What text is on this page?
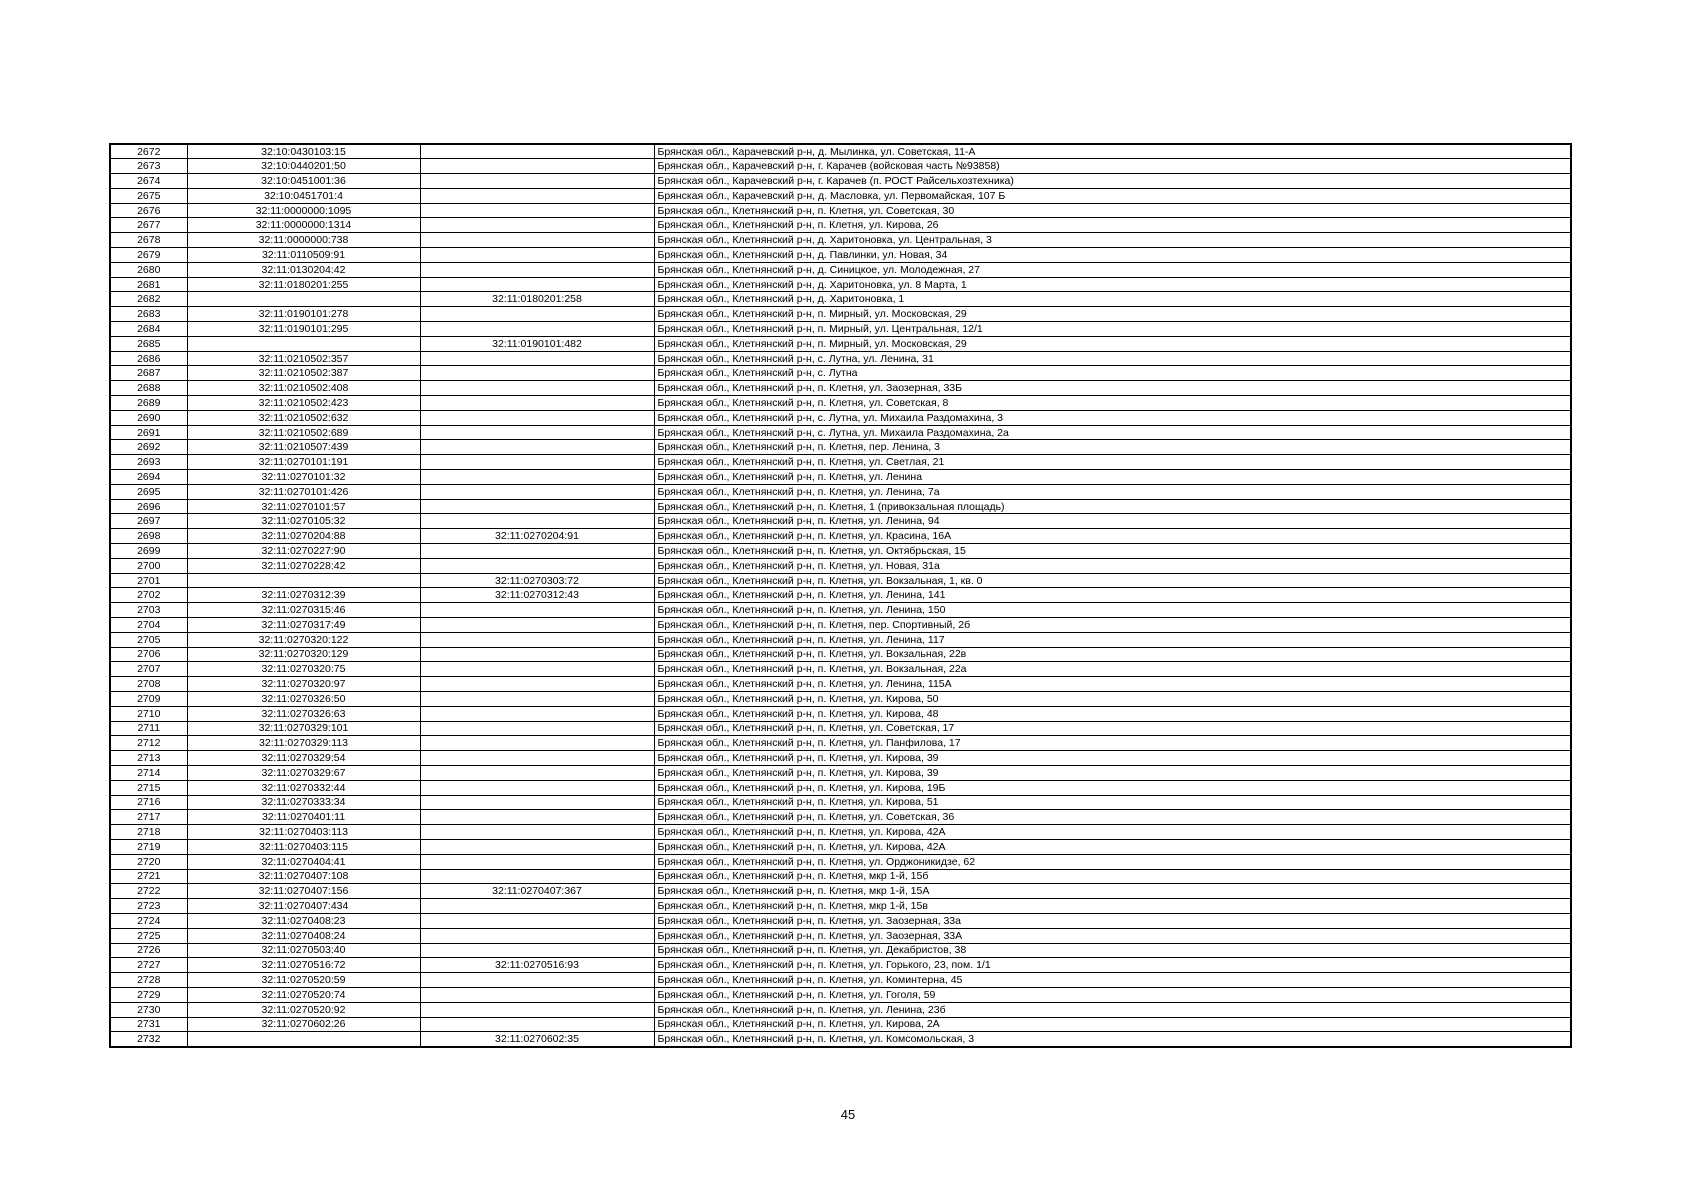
2672	32:10:0430103:15		Брянская обл., Карачевский р-н, д. Мылинка, ул. Советская, 11-А
2673	32:10:0440201:50		Брянская обл., Карачевский р-н, г. Карачев (войсковая часть №93858)
2674	32:10:0451001:36		Брянская обл., Карачевский р-н, г. Карачев (п. РОСТ Райсельхозтехника)
2675	32:10:0451701:4		Брянская обл., Карачевский р-н, д. Масловка, ул. Первомайская, 107 Б
2676	32:11:0000000:1095		Брянская обл., Клетнянский р-н, п. Клетня, ул. Советская, 30
2677	32:11:0000000:1314		Брянская обл., Клетнянский р-н, п. Клетня, ул. Кирова, 26
2678	32:11:0000000:738		Брянская обл., Клетнянский р-н, д. Харитоновка, ул. Центральная, 3
2679	32:11:0110509:91		Брянская обл., Клетнянский р-н, д. Павлинки, ул. Новая, 34
2680	32:11:0130204:42		Брянская обл., Клетнянский р-н, д. Синицкое, ул. Молодежная, 27
2681	32:11:0180201:255		Брянская обл., Клетнянский р-н, д. Харитоновка, ул. 8 Марта, 1
2682		32:11:0180201:258	Брянская обл., Клетнянский р-н, д. Харитоновка, 1
2683	32:11:0190101:278		Брянская обл., Клетнянский р-н, п. Мирный, ул. Московская, 29
2684	32:11:0190101:295		Брянская обл., Клетнянский р-н, п. Мирный, ул. Центральная, 12/1
2685		32:11:0190101:482	Брянская обл., Клетнянский р-н, п. Мирный, ул. Московская, 29
2686	32:11:0210502:357		Брянская обл., Клетнянский р-н, с. Лутна, ул. Ленина, 31
2687	32:11:0210502:387		Брянская обл., Клетнянский р-н, с. Лутна
2688	32:11:0210502:408		Брянская обл., Клетнянский р-н, п. Клетня, ул. Заозерная, 33Б
2689	32:11:0210502:423		Брянская обл., Клетнянский р-н, п. Клетня, ул. Советская, 8
2690	32:11:0210502:632		Брянская обл., Клетнянский р-н, с. Лутна, ул. Михаила Раздомахина, 3
2691	32:11:0210502:689		Брянская обл., Клетнянский р-н, с. Лутна, ул. Михаила Раздомахина, 2а
2692	32:11:0210507:439		Брянская обл., Клетнянский р-н, п. Клетня, пер. Ленина, 3
2693	32:11:0270101:191		Брянская обл., Клетнянский р-н, п. Клетня, ул. Светлая, 21
2694	32:11:0270101:32		Брянская обл., Клетнянский р-н, п. Клетня, ул. Ленина
2695	32:11:0270101:426		Брянская обл., Клетнянский р-н, п. Клетня, ул. Ленина, 7а
2696	32:11:0270101:57		Брянская обл., Клетнянский р-н, п. Клетня, 1 (привокзальная площадь)
2697	32:11:0270105:32		Брянская обл., Клетнянский р-н, п. Клетня, ул. Ленина, 94
2698	32:11:0270204:88	32:11:0270204:91	Брянская обл., Клетнянский р-н, п. Клетня, ул. Красина, 16А
2699	32:11:0270227:90		Брянская обл., Клетнянский р-н, п. Клетня, ул. Октябрьская, 15
2700	32:11:0270228:42		Брянская обл., Клетнянский р-н, п. Клетня, ул. Новая, 31а
2701		32:11:0270303:72	Брянская обл., Клетнянский р-н, п. Клетня, ул. Вокзальная, 1, кв. 0
2702	32:11:0270312:39	32:11:0270312:43	Брянская обл., Клетнянский р-н, п. Клетня, ул. Ленина, 141
2703	32:11:0270315:46		Брянская обл., Клетнянский р-н, п. Клетня, ул. Ленина, 150
2704	32:11:0270317:49		Брянская обл., Клетнянский р-н, п. Клетня, пер. Спортивный, 2б
2705	32:11:0270320:122		Брянская обл., Клетнянский р-н, п. Клетня, ул. Ленина, 117
2706	32:11:0270320:129		Брянская обл., Клетнянский р-н, п. Клетня, ул. Вокзальная, 22в
2707	32:11:0270320:75		Брянская обл., Клетнянский р-н, п. Клетня, ул. Вокзальная, 22а
2708	32:11:0270320:97		Брянская обл., Клетнянский р-н, п. Клетня, ул. Ленина, 115А
2709	32:11:0270326:50		Брянская обл., Клетнянский р-н, п. Клетня, ул. Кирова, 50
2710	32:11:0270326:63		Брянская обл., Клетнянский р-н, п. Клетня, ул. Кирова, 48
2711	32:11:0270329:101		Брянская обл., Клетнянский р-н, п. Клетня, ул. Советская, 17
2712	32:11:0270329:113		Брянская обл., Клетнянский р-н, п. Клетня, ул. Панфилова, 17
2713	32:11:0270329:54		Брянская обл., Клетнянский р-н, п. Клетня, ул. Кирова, 39
2714	32:11:0270329:67		Брянская обл., Клетнянский р-н, п. Клетня, ул. Кирова, 39
2715	32:11:0270332:44		Брянская обл., Клетнянский р-н, п. Клетня, ул. Кирова, 19Б
2716	32:11:0270333:34		Брянская обл., Клетнянский р-н, п. Клетня, ул. Кирова, 51
2717	32:11:0270401:11		Брянская обл., Клетнянский р-н, п. Клетня, ул. Советская, 36
2718	32:11:0270403:113		Брянская обл., Клетнянский р-н, п. Клетня, ул. Кирова, 42А
2719	32:11:0270403:115		Брянская обл., Клетнянский р-н, п. Клетня, ул. Кирова, 42А
2720	32:11:0270404:41		Брянская обл., Клетнянский р-н, п. Клетня, ул. Орджоникидзе, 62
2721	32:11:0270407:108		Брянская обл., Клетнянский р-н, п. Клетня, мкр 1-й, 15б
2722	32:11:0270407:156	32:11:0270407:367	Брянская обл., Клетнянский р-н, п. Клетня, мкр 1-й, 15А
2723	32:11:0270407:434		Брянская обл., Клетнянский р-н, п. Клетня, мкр 1-й, 15в
2724	32:11:0270408:23		Брянская обл., Клетнянский р-н, п. Клетня, ул. Заозерная, 33а
2725	32:11:0270408:24		Брянская обл., Клетнянский р-н, п. Клетня, ул. Заозерная, 33А
2726	32:11:0270503:40		Брянская обл., Клетнянский р-н, п. Клетня, ул. Декабристов, 38
2727	32:11:0270516:72	32:11:0270516:93	Брянская обл., Клетнянский р-н, п. Клетня, ул. Горького, 23, пом. 1/1
2728	32:11:0270520:59		Брянская обл., Клетнянский р-н, п. Клетня, ул. Коминтерна, 45
2729	32:11:0270520:74		Брянская обл., Клетнянский р-н, п. Клетня, ул. Гоголя, 59
2730	32:11:0270520:92		Брянская обл., Клетнянский р-н, п. Клетня, ул. Ленина, 23б
2731	32:11:0270602:26		Брянская обл., Клетнянский р-н, п. Клетня, ул. Кирова, 2А
2732		32:11:0270602:35	Брянская обл., Клетнянский р-н, п. Клетня, ул. Комсомольская, 3
45
